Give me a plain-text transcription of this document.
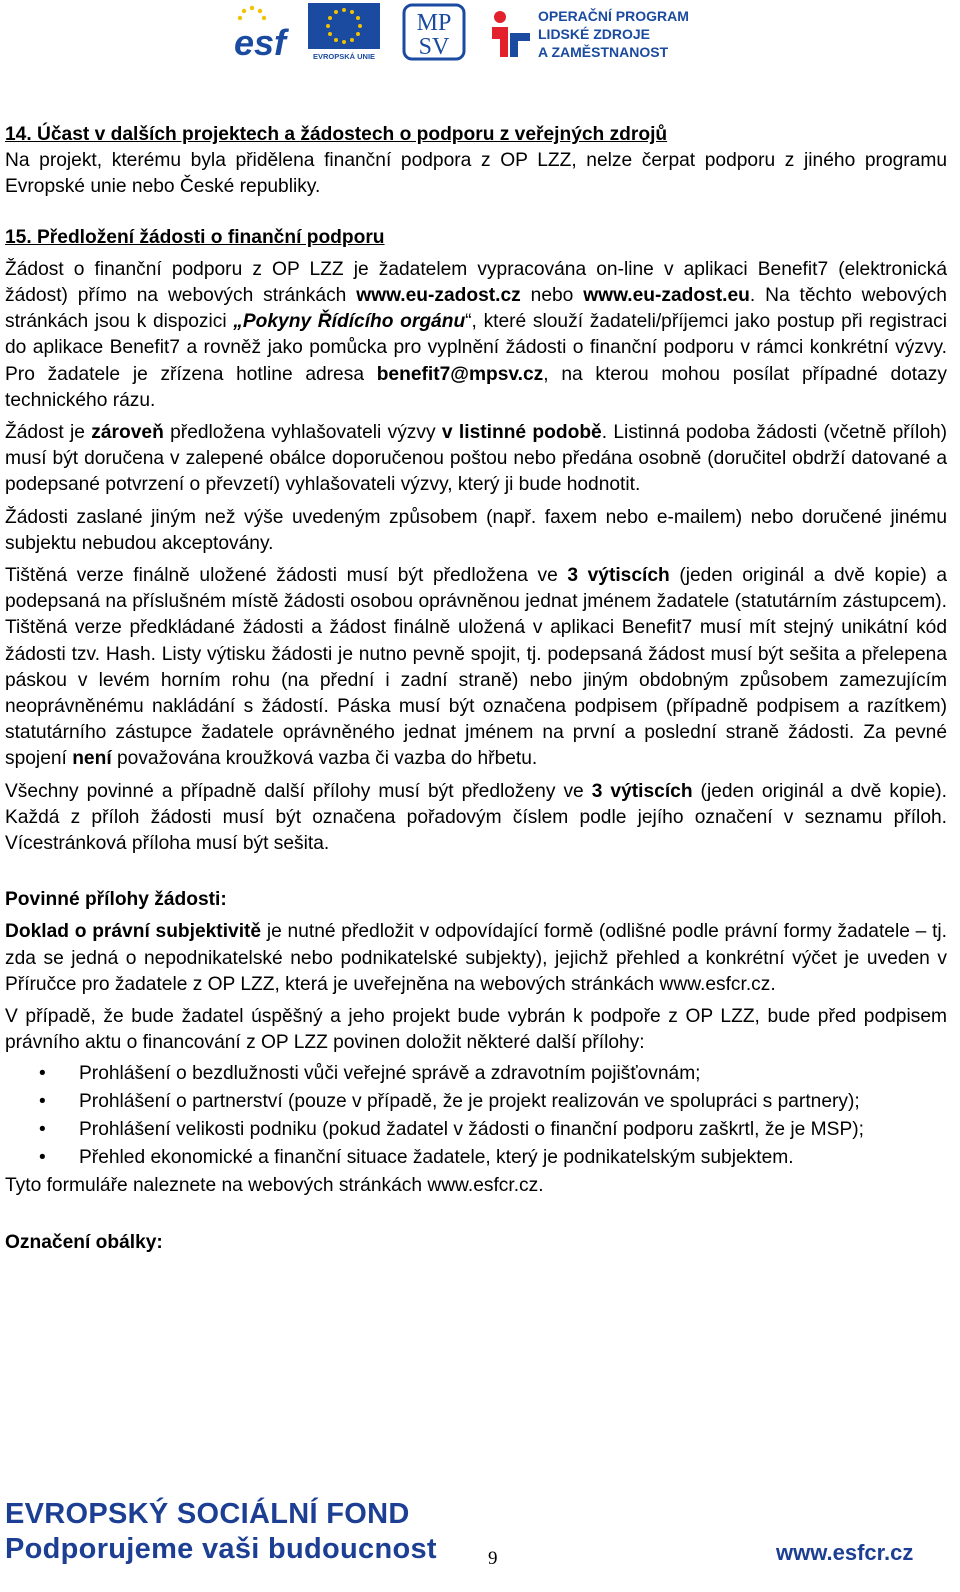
esf	EVROPSKÁ UNIE
MP
SV
OPERAČNÍ PROGRAM
LIDSKÉ ZDROJE
A ZAMĚSTNANOST

14. Účast v dalších projektech a žádostech o podporu z veřejných zdrojů

Na projekt, kterému byla přidělena finanční podpora z OP LZZ, nelze čerpat podporu z jiného programu Evropské unie nebo České republiky.

15. Předložení žádosti o finanční podporu

Žádost o finanční podporu z OP LZZ je žadatelem vypracována on-line v aplikaci Benefit7 (elektronická žádost) přímo na webových stránkách www.eu-zadost.cz nebo www.eu-zadost.eu. Na těchto webových stránkách jsou k dispozici „Pokyny Řídícího orgánu“, které slouží žadateli/příjemci jako postup při registraci do aplikace Benefit7 a rovněž jako pomůcka pro vyplnění žádosti o finanční podporu v rámci konkrétní výzvy. Pro žadatele je zřízena hotline adresa benefit7@mpsv.cz, na kterou mohou posílat případné dotazy technického rázu.

Žádost je zároveň předložena vyhlašovateli výzvy v listinné podobě. Listinná podoba žádosti (včetně příloh) musí být doručena v zalepené obálce doporučenou poštou nebo předána osobně (doručitel obdrží datované a podepsané potvrzení o převzetí) vyhlašovateli výzvy, který ji bude hodnotit.

Žádosti zaslané jiným než výše uvedeným způsobem (např. faxem nebo e-mailem) nebo doručené jinému subjektu nebudou akceptovány.

Tištěná verze finálně uložené žádosti musí být předložena ve 3 výtiscích (jeden originál a dvě kopie) a podepsaná na příslušném místě žádosti osobou oprávněnou jednat jménem žadatele (statutárním zástupcem). Tištěná verze předkládané žádosti a žádost finálně uložená v aplikaci Benefit7 musí mít stejný unikátní kód žádosti tzv. Hash. Listy výtisku žádosti je nutno pevně spojit, tj. podepsaná žádost musí být sešita a přelepena páskou v levém horním rohu (na přední i zadní straně) nebo jiným obdobným způsobem zamezujícím neoprávněnému nakládání s žádostí. Páska musí být označena podpisem (případně podpisem a razítkem) statutárního zástupce žadatele oprávněného jednat jménem na první a poslední straně žádosti. Za pevné spojení není považována kroužková vazba či vazba do hřbetu.

Všechny povinné a případně další přílohy musí být předloženy ve 3 výtiscích (jeden originál a dvě kopie). Každá z příloh žádosti musí být označena pořadovým číslem podle jejího označení v seznamu příloh. Vícestránková příloha musí být sešita.

Povinné přílohy žádosti:

Doklad o právní subjektivitě je nutné předložit v odpovídající formě (odlišné podle právní formy žadatele – tj. zda se jedná o nepodnikatelské nebo podnikatelské subjekty), jejichž přehled a konkrétní výčet je uveden v Příručce pro žadatele z OP LZZ, která je uveřejněna na webových stránkách www.esfcr.cz.

V případě, že bude žadatel úspěšný a jeho projekt bude vybrán k podpoře z OP LZZ, bude před podpisem právního aktu o financování z OP LZZ povinen doložit některé další přílohy:

• Prohlášení o bezdlužnosti vůči veřejné správě a zdravotním pojišťovnám;
• Prohlášení o partnerství (pouze v případě, že je projekt realizován ve spolupráci s partnery);
• Prohlášení velikosti podniku (pokud žadatel v žádosti o finanční podporu zaškrtl, že je MSP);
• Přehled ekonomické a finanční situace žadatele, který je podnikatelským subjektem.

Tyto formuláře naleznete na webových stránkách www.esfcr.cz.

Označení obálky:

EVROPSKÝ SOCIÁLNÍ FOND
Podporujeme vaši budoucnost	9	www.esfcr.cz
